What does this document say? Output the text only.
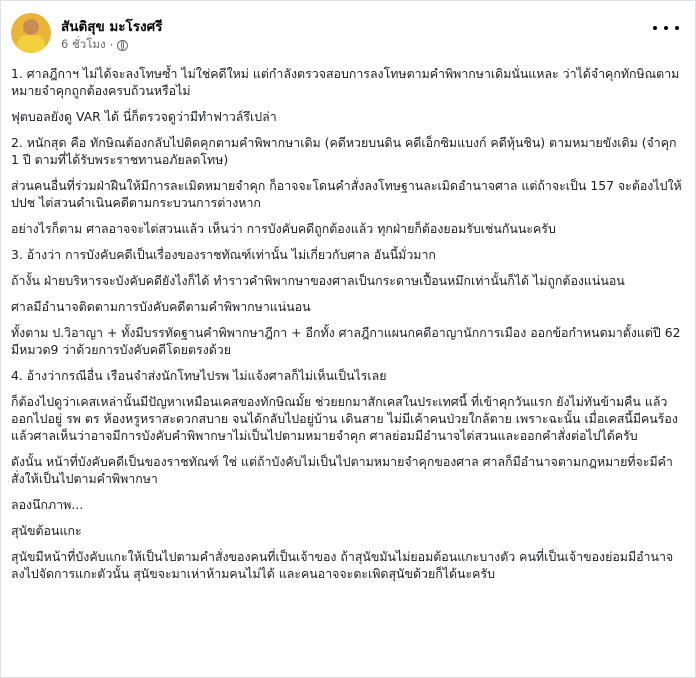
สันติสุข มะโรงศรี
6 ชั่วโมง ·

1. ศาลฎีกาฯ ไม่ได้จะลงโทษซ้ำ ไม่ใช่คดีใหม่ แต่กำลังตรวจสอบการลงโทษตามคำพิพากษาเดิมนั่นแหละ ว่าได้จำคุกทักษิณตามหมายจำคุกถูกต้องครบถ้วนหรือไม่

ฟุตบอลยังดู VAR ได้ นี่ก็ตรวจดูว่ามีทำฟาวล์รึเปล่า

2. หนักสุด คือ ทักษิณต้องกลับไปติดคุกตามคำพิพากษาเดิม (คดีหวยบนดิน คดีเอ็กซิมแบงก์ คดีหุ้นชิน) ตามหมายขังเดิม (จำคุก 1 ปี ตามที่ได้รับพระราชทานอภัยลดโทษ)

ส่วนคนอื่นที่ร่วมฝ่าฝืนให้มีการละเมิดหมายจำคุก ก็อาจจะโดนคำสั่งลงโทษฐานละเมิดอำนาจศาล แต่ถ้าจะเป็น 157 จะต้องไปให้ ปปช ไต่สวนดำเนินคดีตามกระบวนการต่างหาก

อย่างไรก็ตาม ศาลอาจจะไต่สวนแล้ว เห็นว่า การบังคับคดีถูกต้องแล้ว ทุกฝ่ายก็ต้องยอมรับเช่นกันนะครับ

3. อ้างว่า การบังคับคดีเป็นเรื่องของราชทัณฑ์เท่านั้น ไม่เกี่ยวกับศาล อันนี้มั่วมาก

ถ้างั้น ฝ่ายบริหารจะบังคับคดียังไงก็ได้ ทำราวคำพิพากษาของศาลเป็นกระดาษเปื้อนหมึกเท่านั้นก็ได้ ไม่ถูกต้องแน่นอน

ศาลมีอำนาจติดตามการบังคับคดีตามคำพิพากษาแน่นอน

ทั้งตาม ป.วิอาญา + ทั้งมีบรรทัดฐานคำพิพากษาฎีกา + อีกทั้ง ศาลฎีกาแผนกคดีอาญานักการเมือง ออกข้อกำหนดมาตั้งแต่ปี 62 มีหมวด9 ว่าด้วยการบังคับคดีโดยตรงด้วย

4. อ้างว่ากรณีอื่น เรือนจำส่งนักโทษไปรพ ไม่แจ้งศาลก็ไม่เห็นเป็นไรเลย

ก็ต้องไปดูว่าเคสเหล่านั้นมีปัญหาเหมือนเคสของทักษิณมั้ย ช่วยยกมาสักเคสในประเทศนี้ ที่เข้าคุกวันแรก ยังไม่ทันข้ามคืน แล้วออกไปอยู่ รพ ตร ห้องหรูหราสะดวกสบาย จนได้กลับไปอยู่บ้าน เดินสาย ไม่มีเค้าคนป่วยใกล้ตาย เพราะฉะนั้น เมื่อเคสนี้มีคนร้อง แล้วศาลเห็นว่าอาจมีการบังคับคำพิพากษาไม่เป็นไปตามหมายจำคุก ศาลย่อมมีอำนาจไต่สวนและออกคำสั่งต่อไปได้ครับ

ดังนั้น หน้าที่บังคับคดีเป็นของราชทัณฑ์ ใช่ แต่ถ้าบังคับไม่เป็นไปตามหมายจำคุกของศาล ศาลก็มีอำนาจตามกฎหมายที่จะมีคำสั่งให้เป็นไปตามคำพิพากษา

ลองนึกภาพ...

สุนัขต้อนแกะ

สุนัขมีหน้าที่บังคับแกะให้เป็นไปตามคำสั่งของคนที่เป็นเจ้าของ ถ้าสุนัขมันไม่ยอมต้อนแกะบางตัว คนที่เป็นเจ้าของย่อมมีอำนาจลงไปจัดการแกะตัวนั้น สุนัขจะมาเห่าห้ามคนไม่ได้ และคนอาจจะตะเพิดสุนัขด้วยก็ได้นะครับ
